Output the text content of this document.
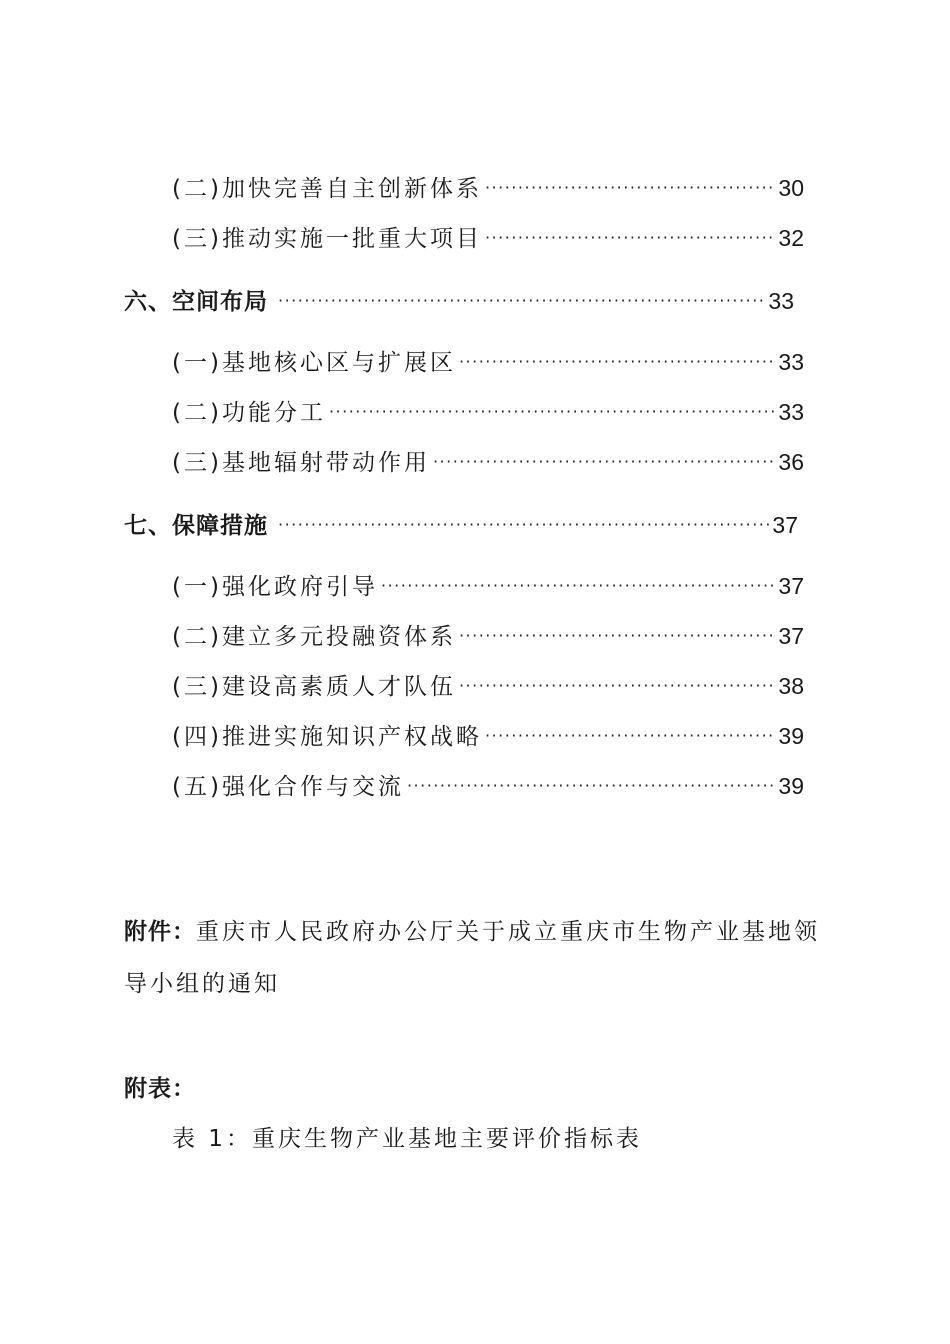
(二)加快完善自主创新体系 ·····	30
(三)推动实施一批重大项目 ·····	32
六、空间布局 ·····	33
(一)基地核心区与扩展区 ·····	33
(二)功能分工 ·····	33
(三)基地辐射带动作用 ·····	36
七、保障措施 ·····	37
(一)强化政府引导 ·····	37
(二)建立多元投融资体系 ·····	37
(三)建设高素质人才队伍 ·····	38
(四)推进实施知识产权战略 ·····	39
(五)强化合作与交流 ·····	39
附件：重庆市人民政府办公厅关于成立重庆市生物产业基地领导小组的通知
附表：
表 1：重庆生物产业基地主要评价指标表
